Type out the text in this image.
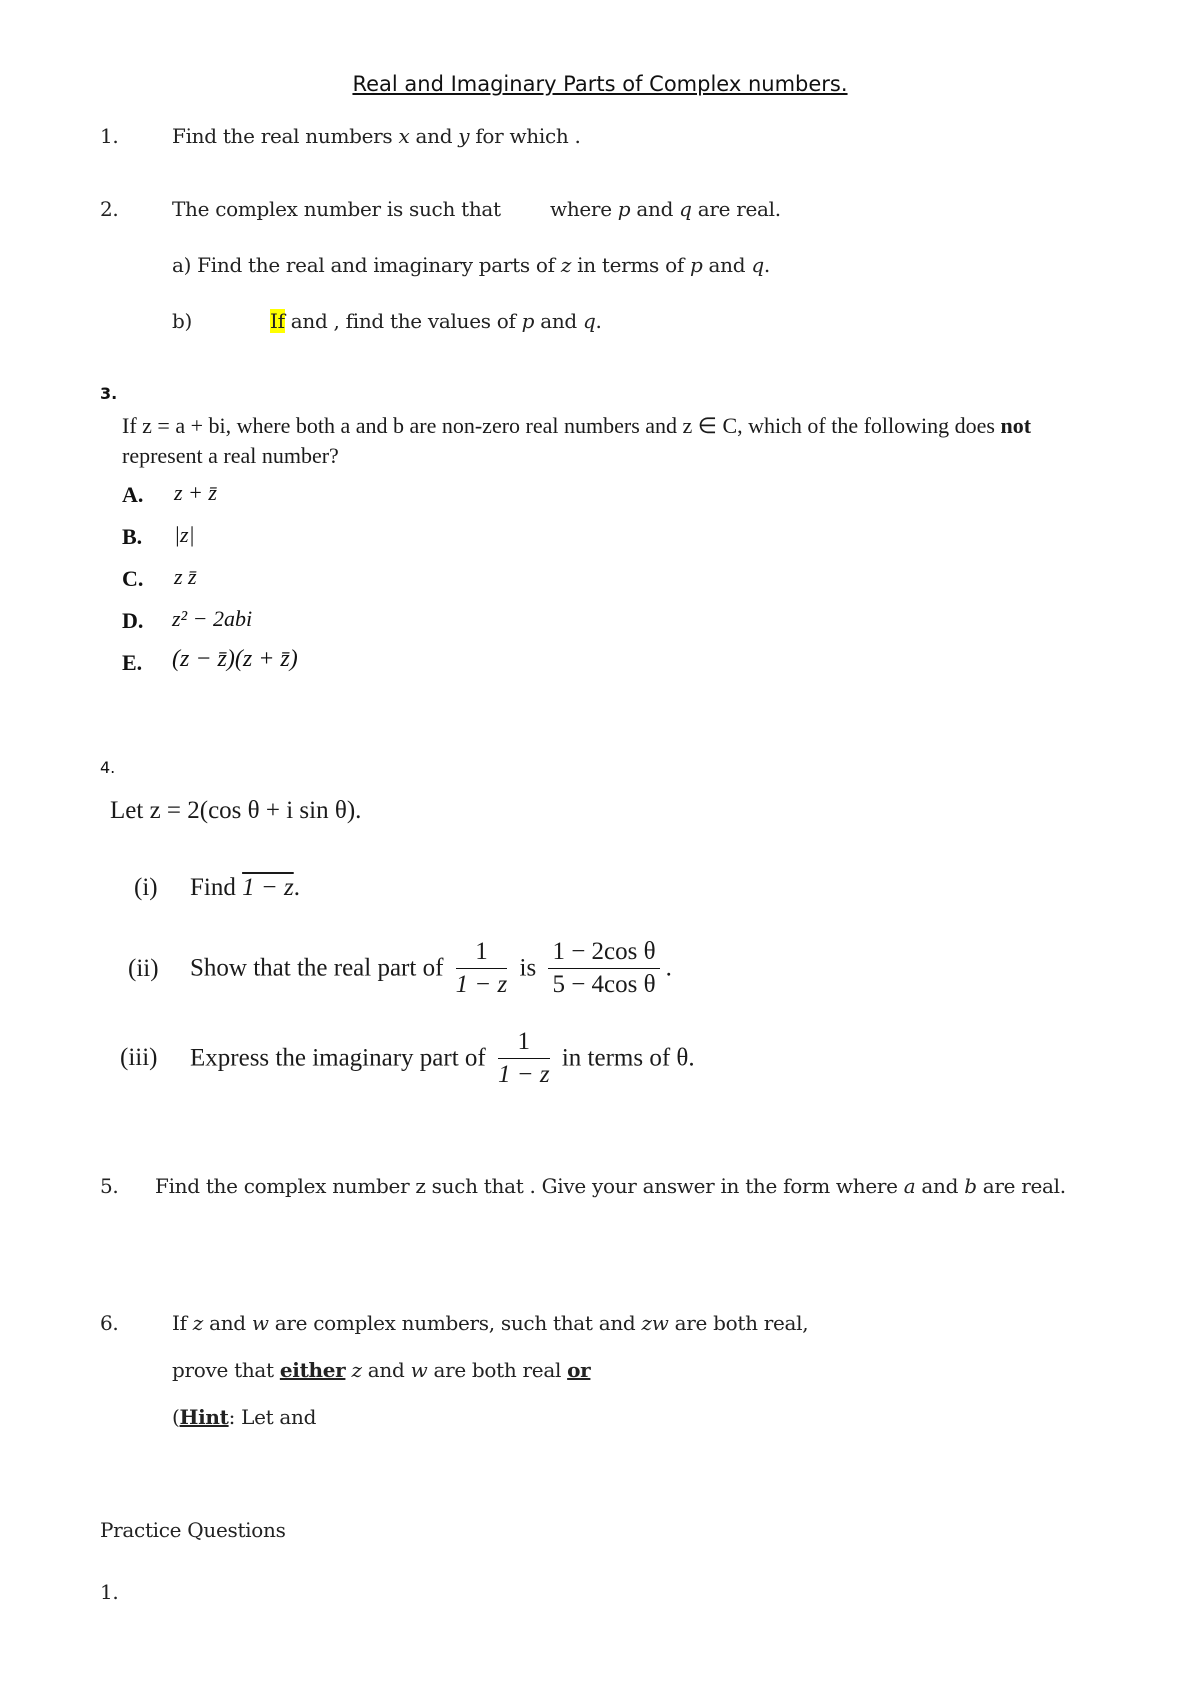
Real and Imaginary Parts of Complex numbers.
1.	Find the real numbers x and y for which .
2.	The complex number is such that where p and q are real.
a) Find the real and imaginary parts of z in terms of p and q.
b)	If and , find the values of p and q.
3.
If z = a + bi, where both a and b are non-zero real numbers and z ∈ C, which of the following does not
represent a real number?
A. z + z̄
B. |z|
C. z z̄
D. z² − 2abi
E. (z − z̄)(z + z̄)
4.
Let z = 2(cos θ + i sin θ).
(i) Find 1 − z.
(ii) Show that the real part of $\frac{1}{1 - z}$ is $\frac{\text{1 − 2cos θ}}{\text{5 − 4cos θ}}$ .
(iii) Express the imaginary part of $\frac{1}{1 - z}$ in terms of θ.
5. Find the complex number z such that . Give your answer in the form where a and b are real.
6.	If z and w are complex numbers, such that and zw are both real,
prove that either z and w are both real or
(Hint: Let and
Practice Questions
1.
